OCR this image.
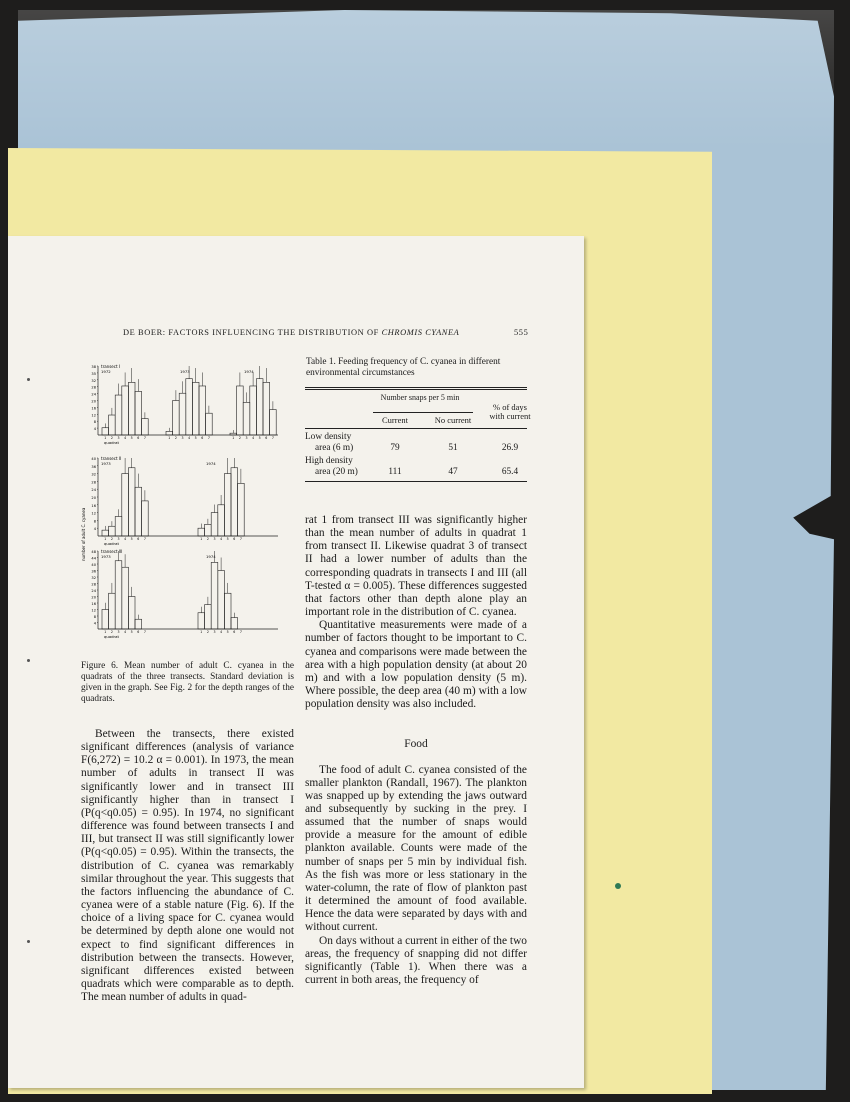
DE BOER: FACTORS INFLUENCING THE DISTRIBUTION OF CHROMIS CYANEA	555
38
35
32
28
24
20
16
12
8
4
transect I
1972
1 2 3 4 5 6 7
1973
1 2 3 4 5 6 7
1974
1 2 3 4 5 6 7
quadrat
40
36
32
28
24
20
16
12
8
4
transect II
1973
1 2 3 4 5 6 7
1974
1 2 3 4 5 6 7
quadrat
48
44
40
36
32
28
24
20
16
12
8
4
transect III
1973
1 2 3 4 5 6 7
1974
1 2 3 4 5 6 7
quadrat
number of adult C. cyanea
Figure 6. Mean number of adult C. cyanea in the quadrats of the three transects. Standard deviation is given in the graph. See Fig. 2 for the depth ranges of the quadrats.
Table 1. Feeding frequency of C. cyanea in different environmental circumstances
Number snaps per 5 min
Current	No current
% of days with current
Low density
area (6 m)	79	51	26.9
High density
area (20 m)	111	47	65.4

Between the transects, there existed significant differences (analysis of variance F(6,272) = 10.2 α = 0.001). In 1973, the mean number of adults in transect II was significantly lower and in transect III significantly higher than in transect I (P(q<q0.05) = 0.95). In 1974, no significant difference was found between transects I and III, but transect II was still significantly lower (P(q<q0.05) = 0.95). Within the transects, the distribution of C. cyanea was remarkably similar throughout the year. This suggests that the factors influencing the abundance of C. cyanea were of a stable nature (Fig. 6). If the choice of a living space for C. cyanea would be determined by depth alone one would not expect to find significant differences in distribution between the transects. However, significant differences existed between quadrats which were comparable as to depth. The mean number of adults in quad-

rat 1 from transect III was significantly higher than the mean number of adults in quadrat 1 from transect II. Likewise quadrat 3 of transect II had a lower number of adults than the corresponding quadrats in transects I and III (all T-tested α = 0.005). These differences suggested that factors other than depth alone play an important role in the distribution of C. cyanea.

Quantitative measurements were made of a number of factors thought to be important to C. cyanea and comparisons were made between the area with a high population density (at about 20 m) and with a low population density (5 m). Where possible, the deep area (40 m) with a low population density was also included.

Food

The food of adult C. cyanea consisted of the smaller plankton (Randall, 1967). The plankton was snapped up by extending the jaws outward and subsequently by sucking in the prey. I assumed that the number of snaps would provide a measure for the amount of edible plankton available. Counts were made of the number of snaps per 5 min by individual fish. As the fish was more or less stationary in the water-column, the rate of flow of plankton past it determined the amount of food available. Hence the data were separated by days with and without current.

On days without a current in either of the two areas, the frequency of snapping did not differ significantly (Table 1). When there was a current in both areas, the frequency of
